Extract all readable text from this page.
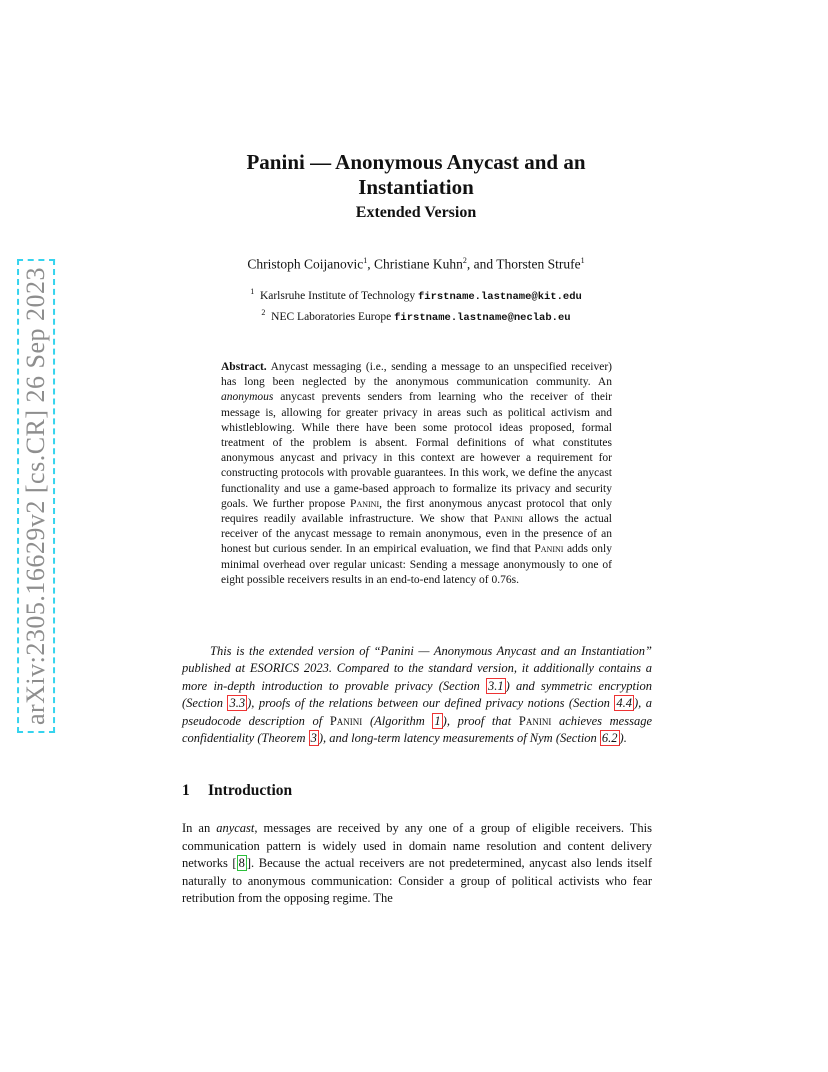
arXiv:2305.16629v2 [cs.CR] 26 Sep 2023
Panini — Anonymous Anycast and an
Instantiation
Extended Version
Christoph Coijanovic$^1$, Christiane Kuhn$^2$, and Thorsten Strufe$^1$
$^1$ Karlsruhe Institute of Technology firstname.lastname@kit.edu
$^2$ NEC Laboratories Europe firstname.lastname@neclab.eu

Abstract. Anycast messaging (i.e., sending a message to an unspecified receiver) has long been neglected by the anonymous communication community. An anonymous anycast prevents senders from learning who the receiver of their message is, allowing for greater privacy in areas such as political activism and whistleblowing. While there have been some protocol ideas proposed, formal treatment of the problem is absent. Formal definitions of what constitutes anonymous anycast and privacy in this context are however a requirement for constructing protocols with provable guarantees. In this work, we define the anycast functionality and use a game-based approach to formalize its privacy and security goals. We further propose Panini, the first anonymous anycast protocol that only requires readily available infrastructure. We show that Panini allows the actual receiver of the anycast message to remain anonymous, even in the presence of an honest but curious sender. In an empirical evaluation, we find that Panini adds only minimal overhead over regular unicast: Sending a message anonymously to one of eight possible receivers results in an end-to-end latency of 0.76s.

This is the extended version of “Panini — Anonymous Anycast and an Instantiation” published at ESORICS 2023. Compared to the standard version, it additionally contains a more in-depth introduction to provable privacy (Section 3.1 ) and symmetric encryption (Section 3.3 ), proofs of the relations between our defined privacy notions (Section 4.4 ), a pseudocode description of Panini (Algorithm 1 ), proof that Panini achieves message confidentiality (Theorem 3 ), and long-term latency measurements of Nym (Section 6.2 ).

1 Introduction

In an anycast, messages are received by any one of a group of eligible receivers. This communication pattern is widely used in domain name resolution and content delivery networks [ 8 ]. Because the actual receivers are not predetermined, anycast also lends itself naturally to anonymous communication: Consider a group of political activists who fear retribution from the opposing regime. The
